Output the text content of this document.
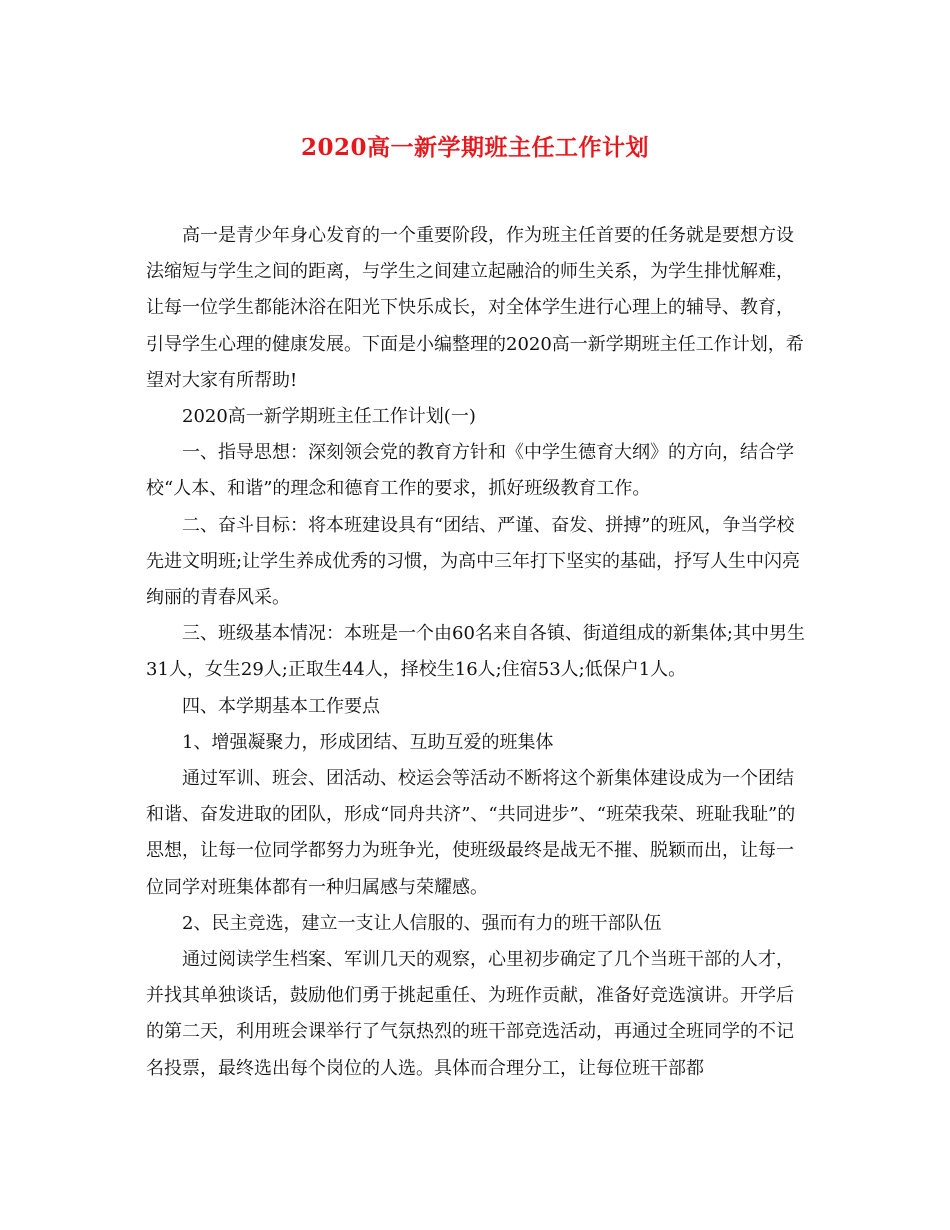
2020高一新学期班主任工作计划

高一是青少年身心发育的一个重要阶段，作为班主任首要的任务就是要想方设法缩短与学生之间的距离，与学生之间建立起融洽的师生关系，为学生排忧解难，让每一位学生都能沐浴在阳光下快乐成长，对全体学生进行心理上的辅导、教育，引导学生心理的健康发展。下面是小编整理的2020高一新学期班主任工作计划，希望对大家有所帮助!

2020高一新学期班主任工作计划(一)

一、指导思想：深刻领会党的教育方针和《中学生德育大纲》的方向，结合学校“人本、和谐”的理念和德育工作的要求，抓好班级教育工作。

二、奋斗目标：将本班建设具有“团结、严谨、奋发、拼搏”的班风，争当学校先进文明班;让学生养成优秀的习惯，为高中三年打下坚实的基础，抒写人生中闪亮绚丽的青春风采。

三、班级基本情况：本班是一个由60名来自各镇、街道组成的新集体;其中男生31人，女生29人;正取生44人，择校生16人;住宿53人;低保户1人。

四、本学期基本工作要点

1、增强凝聚力，形成团结、互助互爱的班集体

通过军训、班会、团活动、校运会等活动不断将这个新集体建设成为一个团结和谐、奋发进取的团队，形成“同舟共济”、“共同进步”、“班荣我荣、班耻我耻”的思想，让每一位同学都努力为班争光，使班级最终是战无不摧、脱颖而出，让每一位同学对班集体都有一种归属感与荣耀感。

2、民主竞选，建立一支让人信服的、强而有力的班干部队伍

通过阅读学生档案、军训几天的观察，心里初步确定了几个当班干部的人才，并找其单独谈话，鼓励他们勇于挑起重任、为班作贡献，准备好竞选演讲。开学后的第二天，利用班会课举行了气氛热烈的班干部竞选活动，再通过全班同学的不记名投票，最终选出每个岗位的人选。具体而合理分工，让每位班干部都
